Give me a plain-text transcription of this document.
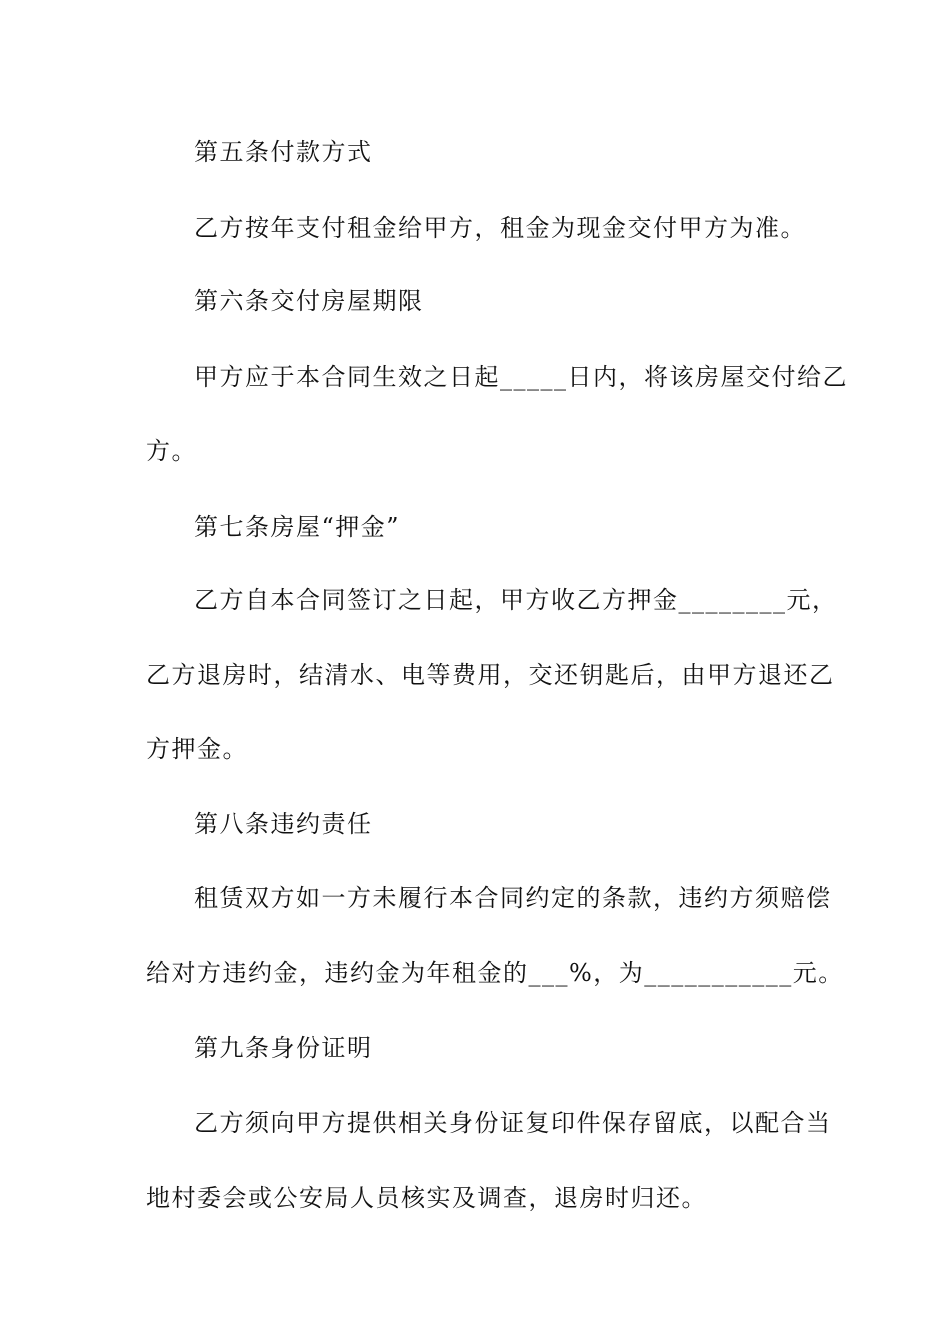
第五条付款方式
乙方按年支付租金给甲方，租金为现金交付甲方为准。
第六条交付房屋期限
甲方应于本合同生效之日起_____日内，将该房屋交付给乙
方。
第七条房屋“押金”
乙方自本合同签订之日起，甲方收乙方押金________元，
乙方退房时，结清水、电等费用，交还钥匙后，由甲方退还乙
方押金。
第八条违约责任
租赁双方如一方未履行本合同约定的条款，违约方须赔偿
给对方违约金，违约金为年租金的___%，为___________元。
第九条身份证明
乙方须向甲方提供相关身份证复印件保存留底，以配合当
地村委会或公安局人员核实及调查，退房时归还。
